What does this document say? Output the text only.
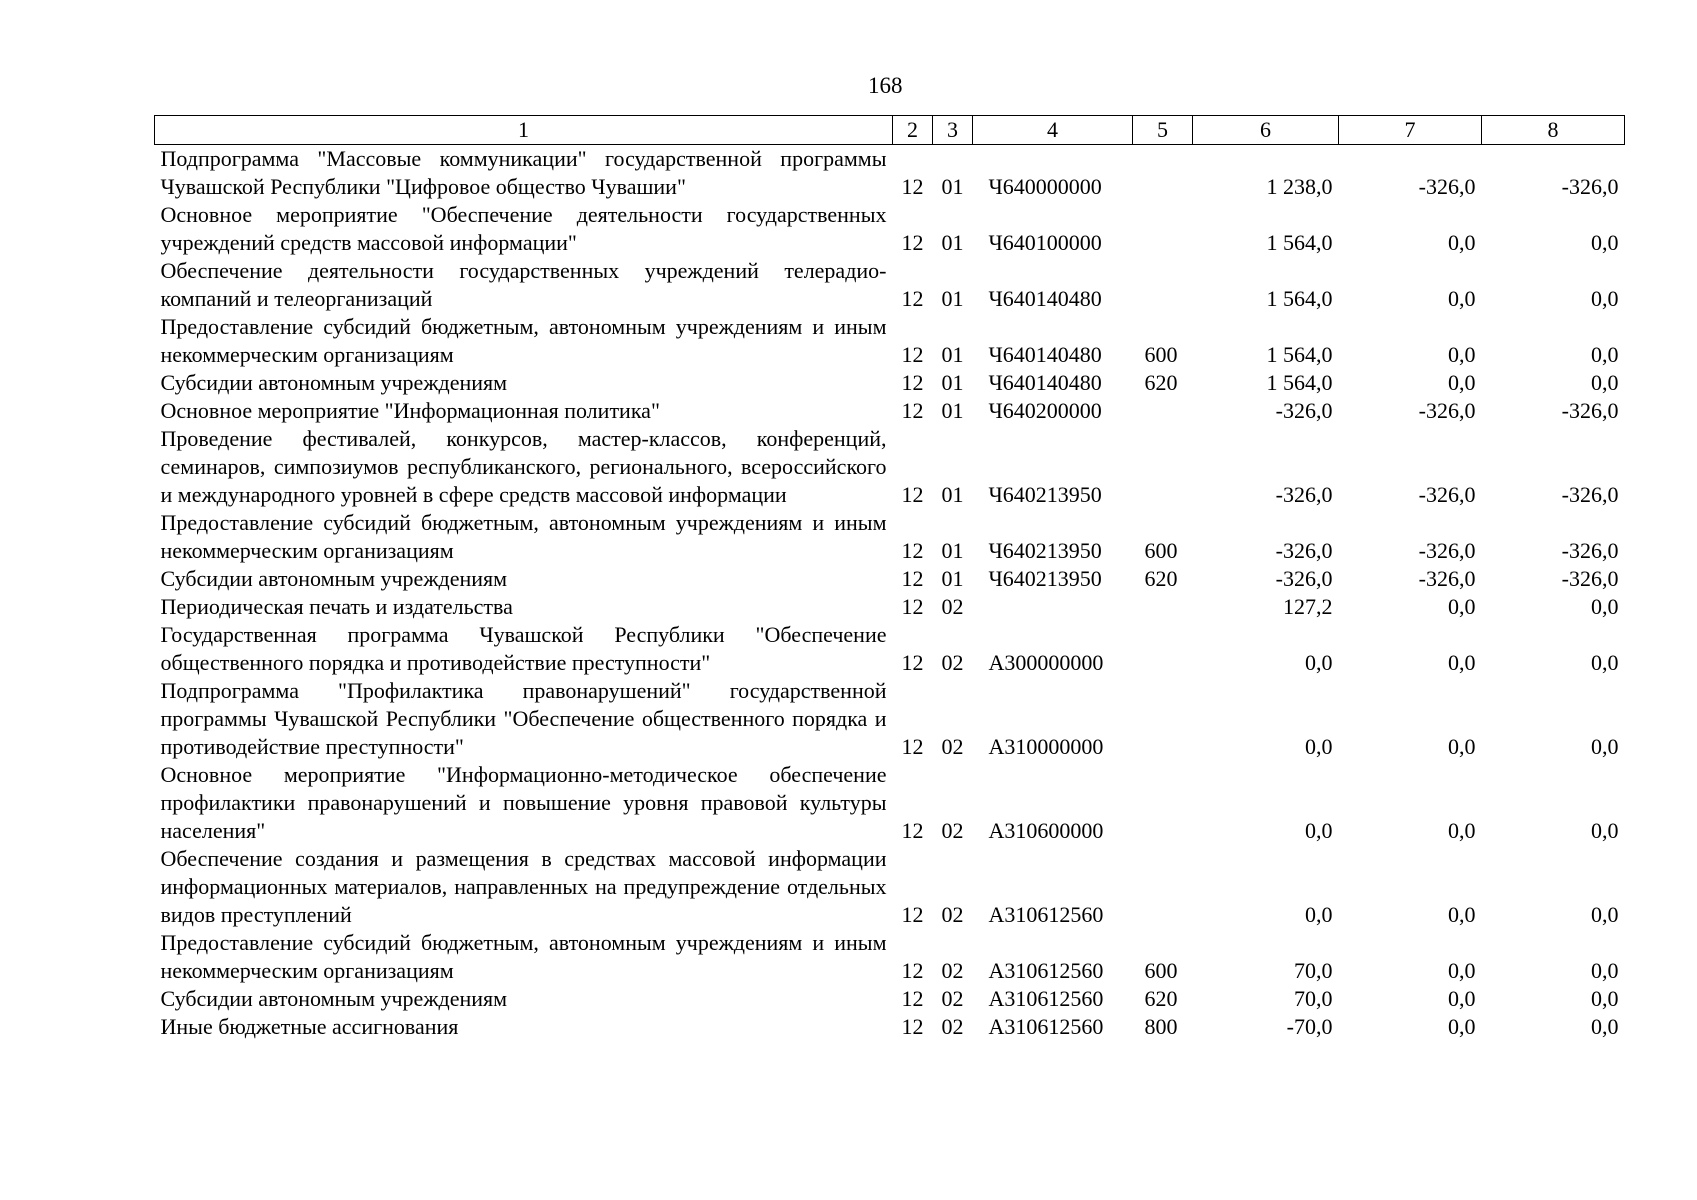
168
1	2	3	4	5	6	7	8
Подпрограмма "Массовые коммуникации" государственной программы Чувашской Республики "Цифровое общество Чувашии"	12	01	Ч640000000		1 238,0	-326,0	-326,0
Основное мероприятие "Обеспечение деятельности государственных учреждений средств массовой информации"	12	01	Ч640100000		1 564,0	0,0	0,0
Обеспечение деятельности государственных учреждений телерадиокомпаний и телеорганизаций	12	01	Ч640140480		1 564,0	0,0	0,0
Предоставление субсидий бюджетным, автономным учреждениям и иным некоммерческим организациям	12	01	Ч640140480	600	1 564,0	0,0	0,0
Субсидии автономным учреждениям	12	01	Ч640140480	620	1 564,0	0,0	0,0
Основное мероприятие "Информационная политика"	12	01	Ч640200000		-326,0	-326,0	-326,0
Проведение фестивалей, конкурсов, мастер-классов, конференций, семинаров, симпозиумов республиканского, регионального, всероссийского и международного уровней в сфере средств массовой информации	12	01	Ч640213950		-326,0	-326,0	-326,0
Предоставление субсидий бюджетным, автономным учреждениям и иным некоммерческим организациям	12	01	Ч640213950	600	-326,0	-326,0	-326,0
Субсидии автономным учреждениям	12	01	Ч640213950	620	-326,0	-326,0	-326,0
Периодическая печать и издательства	12	02			127,2	0,0	0,0
Государственная программа Чувашской Республики "Обеспечение общественного порядка и противодействие преступности"	12	02	А300000000		0,0	0,0	0,0
Подпрограмма "Профилактика правонарушений" государственной программы Чувашской Республики "Обеспечение общественного порядка и противодействие преступности"	12	02	А310000000		0,0	0,0	0,0
Основное мероприятие "Информационно-методическое обеспечение профилактики правонарушений и повышение уровня правовой культуры населения"	12	02	А310600000		0,0	0,0	0,0
Обеспечение создания и размещения в средствах массовой информации информационных материалов, направленных на предупреждение отдельных видов преступлений	12	02	А310612560		0,0	0,0	0,0
Предоставление субсидий бюджетным, автономным учреждениям и иным некоммерческим организациям	12	02	А310612560	600	70,0	0,0	0,0
Субсидии автономным учреждениям	12	02	А310612560	620	70,0	0,0	0,0
Иные бюджетные ассигнования	12	02	А310612560	800	-70,0	0,0	0,0
